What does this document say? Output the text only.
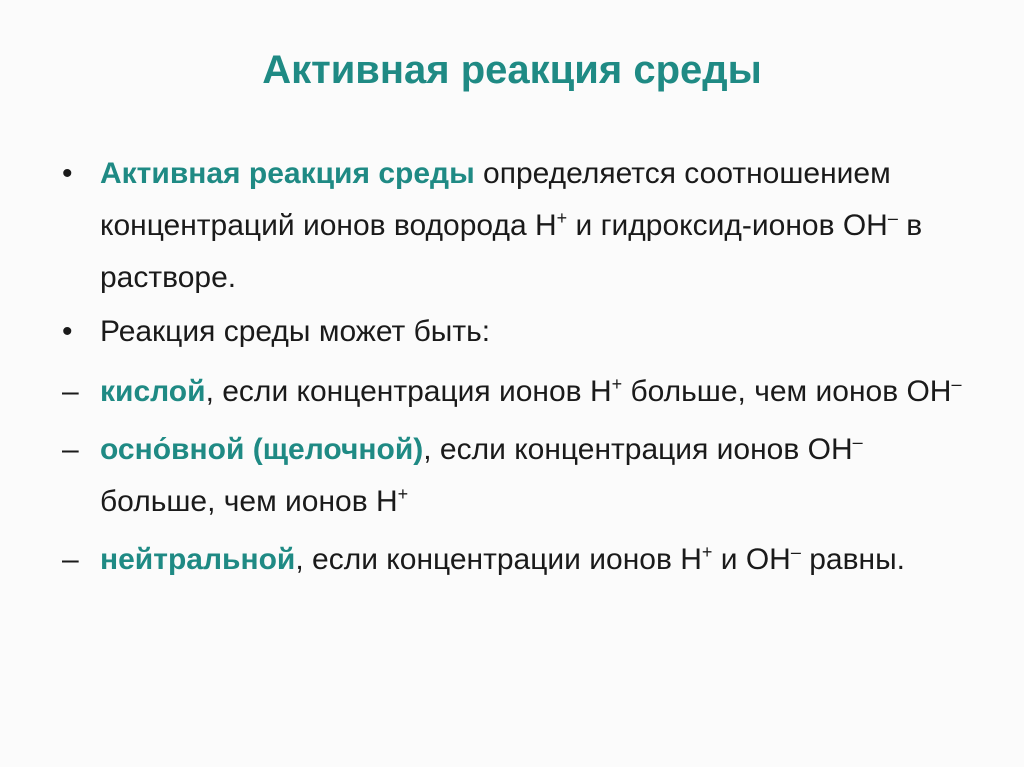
Активная реакция среды
• Активная реакция среды определяется соотношением концентраций ионов водорода H+ и гидроксид-ионов OH– в растворе.
• Реакция среды может быть:
– кислой, если концентрация ионов H+ больше, чем ионов OH–
– осно́вной (щелочной), если концентрация ионов OH– больше, чем ионов H+
– нейтральной, если концентрации ионов H+ и OH– равны.
